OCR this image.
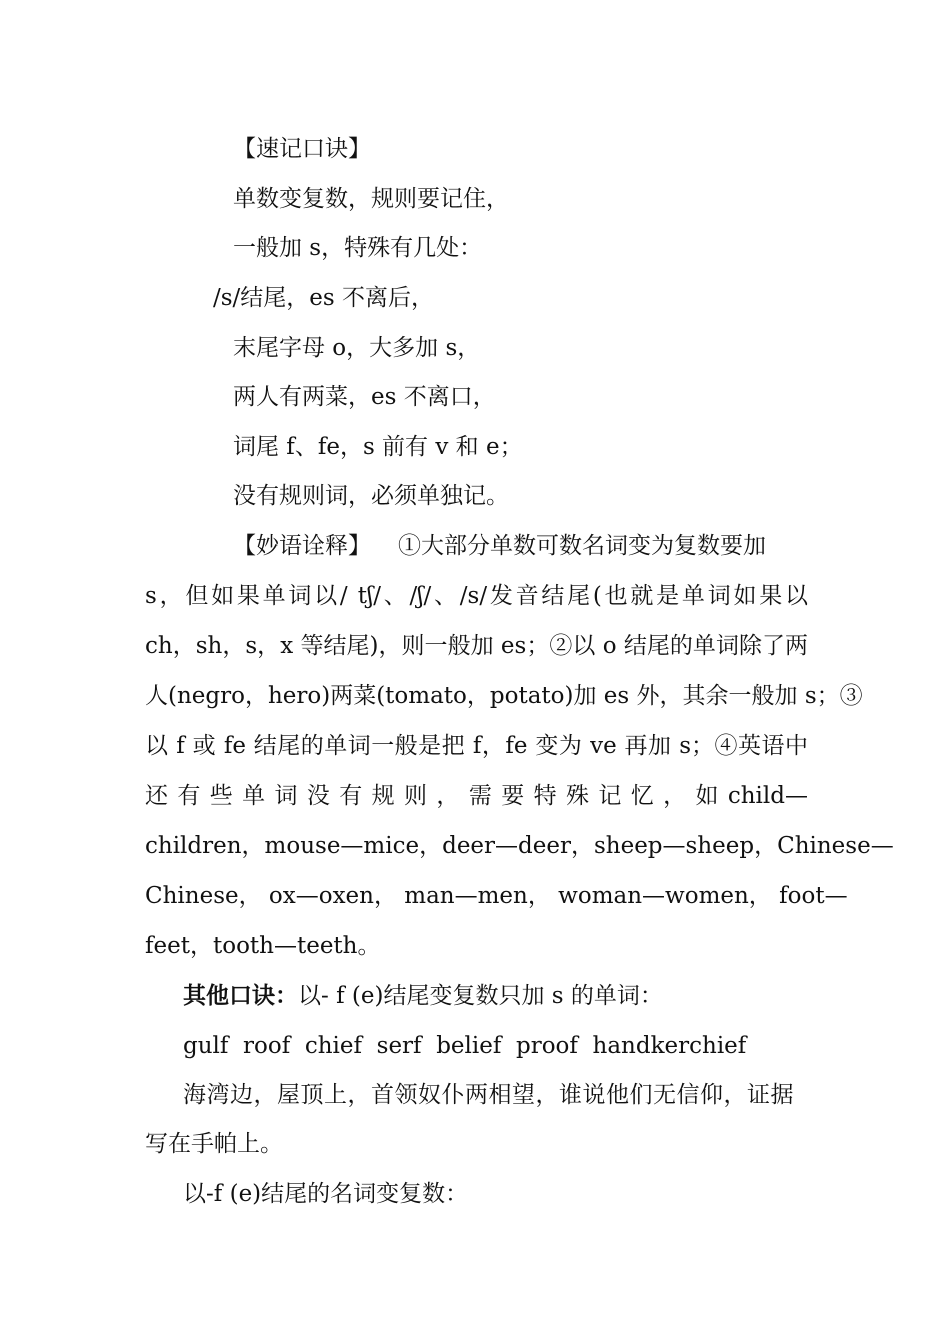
【速记口诀】
单数变复数，规则要记住，
一般加 s，特殊有几处：
/s/结尾，es 不离后，
末尾字母 o，大多加 s，
两人有两菜，es 不离口，
词尾 f、fe，s 前有 v 和 e；
没有规则词，必须单独记。
【妙语诠释】 ①大部分单数可数名词变为复数要加
s，但如果单词以/ tʃ/、/ʃ/、/s/发音结尾(也就是单词如果以
ch，sh，s，x 等结尾)，则一般加 es；②以 o 结尾的单词除了两
人(negro，hero)两菜(tomato，potato)加 es 外，其余一般加 s；③
以 f 或 fe 结尾的单词一般是把 f，fe 变为 ve 再加 s；④英语中
还 有 些 单 词 没 有 规 则 ， 需 要 特 殊 记 忆 ， 如 child—
children，mouse—mice，deer—deer，sheep—sheep，Chinese—
Chinese， ox—oxen， man—men， woman—women， foot—
feet，tooth—teeth。
其他口诀：以- f (e)结尾变复数只加 s 的单词：
gulf  roof  chief  serf  belief  proof  handkerchief
海湾边，屋顶上，首领奴仆两相望，谁说他们无信仰，证据
写在手帕上。
以-f (e)结尾的名词变复数：
